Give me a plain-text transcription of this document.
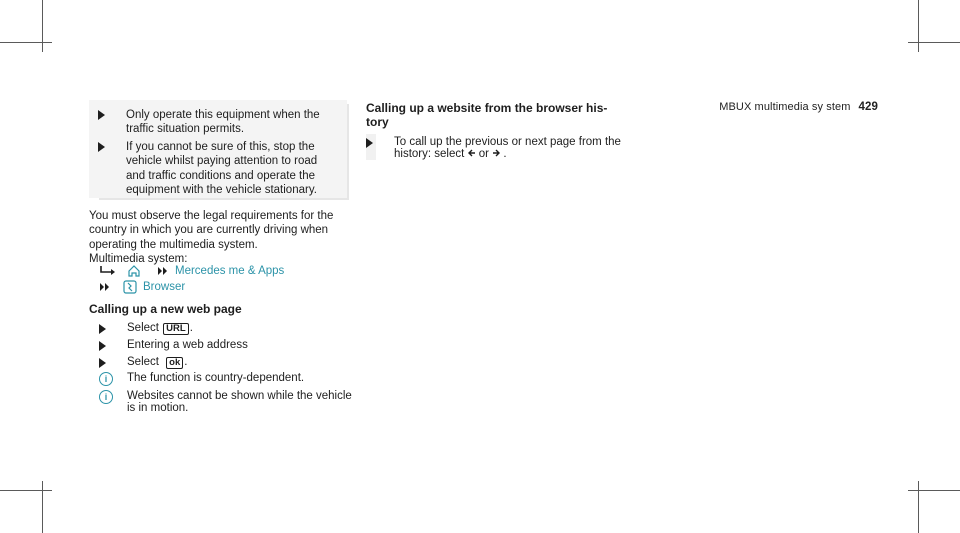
MBUX multimedia sy stem 429
Only operate this equipment when the
traffic situation permits.
If you cannot be sure of this, stop the
vehicle whilst paying attention to road
and traffic conditions and operate the
equipment with the vehicle stationary.
You must observe the legal requirements for the
country in which you are currently driving when
operating the multimedia system.
Multimedia system:
Mercedes me & Apps
Browser
Calling up a new web page
Select URL .
Entering a web address
Select ok .
i	The function is country-dependent.
i	Websites cannot be shown while the vehicle
is in motion.
Calling up a website from the browser his-
tory
To call up the previous or next page from the
history: select or .
